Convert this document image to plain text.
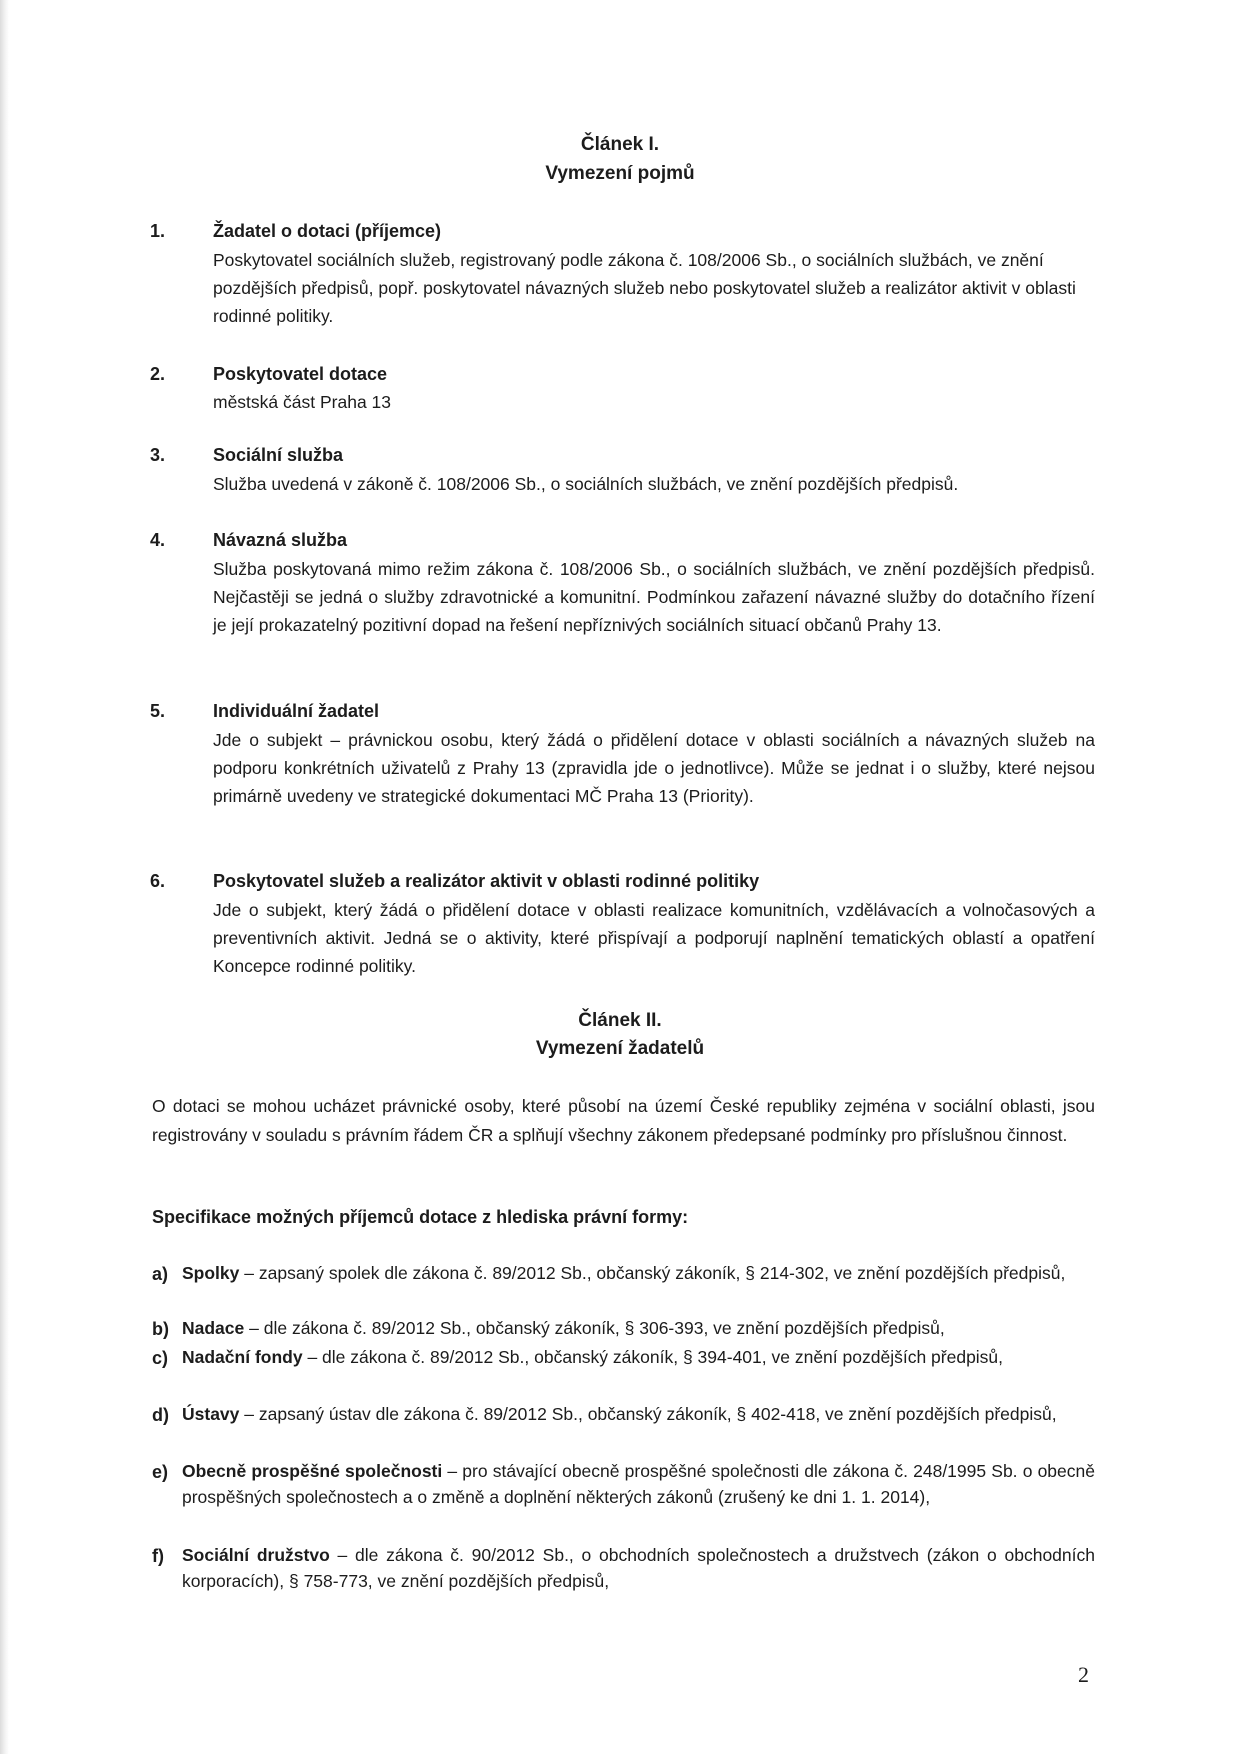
Článek I.
Vymezení pojmů
1.	Žadatel o dotaci (příjemce)

Poskytovatel sociálních služeb, registrovaný podle zákona č. 108/2006 Sb., o sociálních službách, ve znění pozdějších předpisů, popř. poskytovatel návazných služeb nebo poskytovatel služeb a realizátor aktivit v oblasti rodinné politiky.

2.	Poskytovatel dotace

městská část Praha 13

3.	Sociální služba

Služba uvedená v zákoně č. 108/2006 Sb., o sociálních službách, ve znění pozdějších předpisů.

4.	Návazná služba

Služba poskytovaná mimo režim zákona č. 108/2006 Sb., o sociálních službách, ve znění pozdějších předpisů. Nejčastěji se jedná o služby zdravotnické a komunitní. Podmínkou zařazení návazné služby do dotačního řízení je její prokazatelný pozitivní dopad na řešení nepříznivých sociálních situací občanů Prahy 13.

5.	Individuální žadatel

Jde o subjekt – právnickou osobu, který žádá o přidělení dotace v oblasti sociálních a návazných služeb na podporu konkrétních uživatelů z Prahy 13 (zpravidla jde o jednotlivce). Může se jednat i o služby, které nejsou primárně uvedeny ve strategické dokumentaci MČ Praha 13 (Priority).

6.	Poskytovatel služeb a realizátor aktivit v oblasti rodinné politiky

Jde o subjekt, který žádá o přidělení dotace v oblasti realizace komunitních, vzdělávacích a volnočasových a preventivních aktivit. Jedná se o aktivity, které přispívají a podporují naplnění tematických oblastí a opatření Koncepce rodinné politiky.

Článek II.
Vymezení žadatelů
O dotaci se mohou ucházet právnické osoby, které působí na území České republiky zejména v sociální oblasti, jsou registrovány v souladu s právním řádem ČR a splňují všechny zákonem předepsané podmínky pro příslušnou činnost.
Specifikace možných příjemců dotace z hlediska právní formy:
a) Spolky – zapsaný spolek dle zákona č. 89/2012 Sb., občanský zákoník, § 214-302, ve znění pozdějších předpisů,
b) Nadace – dle zákona č. 89/2012 Sb., občanský zákoník, § 306-393, ve znění pozdějších předpisů,
c) Nadační fondy – dle zákona č. 89/2012 Sb., občanský zákoník, § 394-401, ve znění pozdějších předpisů,
d) Ústavy – zapsaný ústav dle zákona č. 89/2012 Sb., občanský zákoník, § 402-418, ve znění pozdějších předpisů,
e) Obecně prospěšné společnosti – pro stávající obecně prospěšné společnosti dle zákona č. 248/1995 Sb. o obecně prospěšných společnostech a o změně a doplnění některých zákonů (zrušený ke dni 1. 1. 2014),
f) Sociální družstvo – dle zákona č. 90/2012 Sb., o obchodních společnostech a družstvech (zákon o obchodních korporacích), § 758-773, ve znění pozdějších předpisů,
2
